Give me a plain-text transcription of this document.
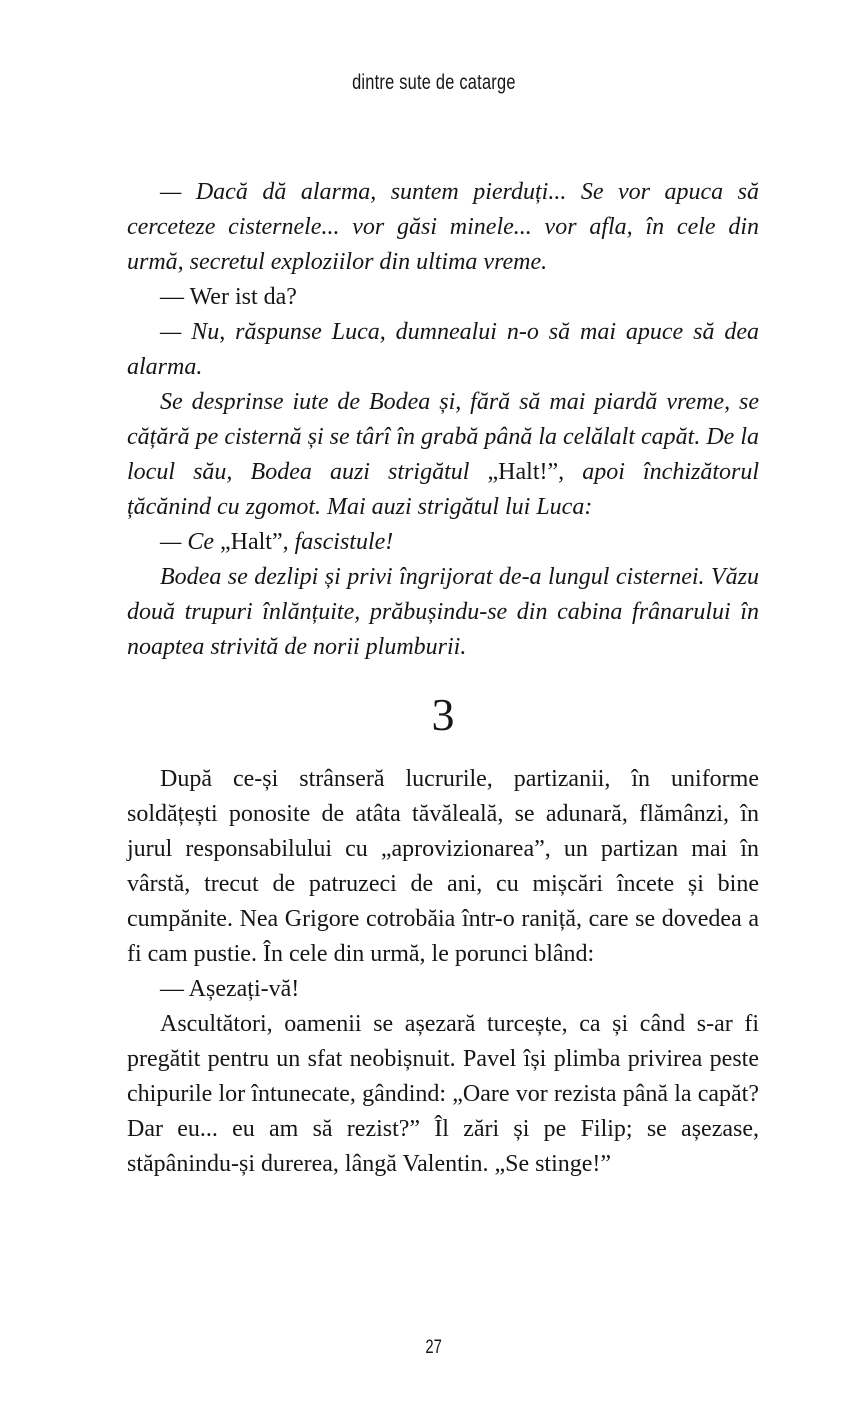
dintre sute de catarge

— Dacă dă alarma, suntem pierduți... Se vor apuca să cerceteze cisternele... vor găsi minele... vor afla, în cele din urmă, secretul exploziilor din ultima vreme.

— Wer ist da?

— Nu, răspunse Luca, dumnealui n-o să mai apuce să dea alarma.

Se desprinse iute de Bodea și, fără să mai piardă vreme, se cățără pe cisternă și se târî în grabă până la celălalt capăt. De la locul său, Bodea auzi strigătul „Halt!”, apoi închizătorul țăcănind cu zgomot. Mai auzi strigătul lui Luca:

— Ce „Halt”, fascistule!

Bodea se dezlipi și privi îngrijorat de-a lungul cisternei. Văzu două trupuri înlănțuite, prăbușindu-se din cabina frânarului în noaptea strivită de norii plumburii.

3

După ce-și strânseră lucrurile, partizanii, în uniforme soldățești ponosite de atâta tăvăleală, se adunară, flămânzi, în jurul responsabilului cu „aprovizionarea”, un partizan mai în vârstă, trecut de patruzeci de ani, cu mișcări încete și bine cumpănite. Nea Grigore cotrobăia într-o raniță, care se dovedea a fi cam pustie. În cele din urmă, le porunci blând:

— Așezați-vă!

Ascultători, oamenii se așezară turcește, ca și când s-ar fi pregătit pentru un sfat neobișnuit. Pavel își plimba privirea peste chipurile lor întunecate, gândind: „Oare vor rezista până la capăt? Dar eu... eu am să rezist?” Îl zări și pe Filip; se așezase, stăpânindu-și durerea, lângă Valentin. „Se stinge!”

27
